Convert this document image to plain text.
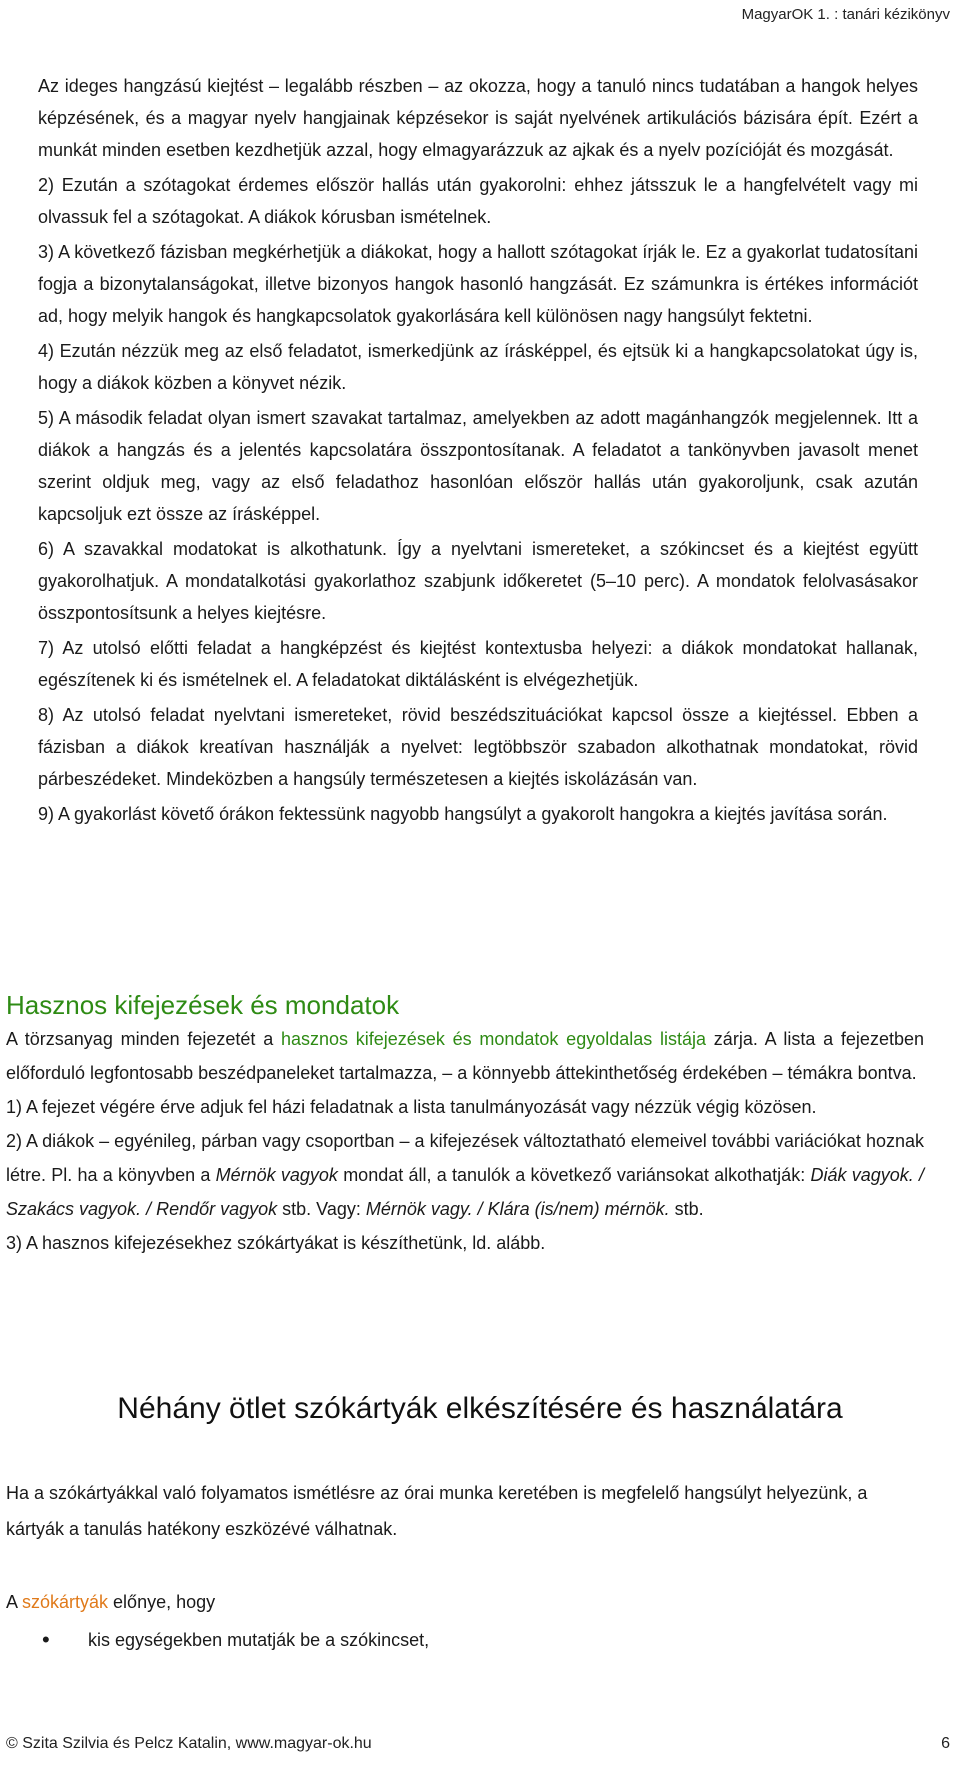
MagyarOK 1. : tanári kézikönyv

Az ideges hangzású kiejtést – legalább részben – az okozza, hogy a tanuló nincs tudatában a hangok helyes képzésének, és a magyar nyelv hangjainak képzésekor is saját nyelvének artikulációs bázisára épít. Ezért a munkát minden esetben kezdhetjük azzal, hogy elmagyarázzuk az ajkak és a nyelv pozícióját és mozgását.

2) Ezután a szótagokat érdemes először hallás után gyakorolni: ehhez játsszuk le a hangfelvételt vagy mi olvassuk fel a szótagokat. A diákok kórusban ismételnek.

3) A következő fázisban megkérhetjük a diákokat, hogy a hallott szótagokat írják le. Ez a gyakorlat tudatosítani fogja a bizonytalanságokat, illetve bizonyos hangok hasonló hangzását. Ez számunkra is értékes információt ad, hogy melyik hangok és hangkapcsolatok gyakorlására kell különösen nagy hangsúlyt fektetni.

4) Ezután nézzük meg az első feladatot, ismerkedjünk az írásképpel, és ejtsük ki a hangkapcsolatokat úgy is, hogy a diákok közben a könyvet nézik.

5) A második feladat olyan ismert szavakat tartalmaz, amelyekben az adott magánhangzók megjelennek. Itt a diákok a hangzás és a jelentés kapcsolatára összpontosítanak. A feladatot a tankönyvben javasolt menet szerint oldjuk meg, vagy az első feladathoz hasonlóan először hallás után gyakoroljunk, csak azután kapcsoljuk ezt össze az írásképpel.

6) A szavakkal modatokat is alkothatunk. Így a nyelvtani ismereteket, a szókincset és a kiejtést együtt gyakorolhatjuk. A mondatalkotási gyakorlathoz szabjunk időkeretet (5–10 perc). A mondatok felolvasásakor összpontosítsunk a helyes kiejtésre.

7) Az utolsó előtti feladat a hangképzést és kiejtést kontextusba helyezi: a diákok mondatokat hallanak, egészítenek ki és ismételnek el. A feladatokat diktálásként is elvégezhetjük.

8) Az utolsó feladat nyelvtani ismereteket, rövid beszédszituációkat kapcsol össze a kiejtéssel. Ebben a fázisban a diákok kreatívan használják a nyelvet: legtöbbször szabadon alkothatnak mondatokat, rövid párbeszédeket. Mindeközben a hangsúly természetesen a kiejtés iskolázásán van.

9) A gyakorlást követő órákon fektessünk nagyobb hangsúlyt a gyakorolt hangokra a kiejtés javítása során.

Hasznos kifejezések és mondatok

A törzsanyag minden fejezetét a hasznos kifejezések és mondatok egyoldalas listája zárja. A lista a fejezetben előforduló legfontosabb beszédpaneleket tartalmazza, – a könnyebb áttekinthetőség érdekében – témákra bontva.

1) A fejezet végére érve adjuk fel házi feladatnak a lista tanulmányozását vagy nézzük végig közösen.

2) A diákok – egyénileg, párban vagy csoportban – a kifejezések változtatható elemeivel további variációkat hoznak létre. Pl. ha a könyvben a Mérnök vagyok mondat áll, a tanulók a következő variánsokat alkothatják: Diák vagyok. / Szakács vagyok. / Rendőr vagyok stb. Vagy: Mérnök vagy. / Klára (is/nem) mérnök. stb.

3) A hasznos kifejezésekhez szókártyákat is készíthetünk, ld. alább.

Néhány ötlet szókártyák elkészítésére és használatára

Ha a szókártyákkal való folyamatos ismétlésre az órai munka keretében is megfelelő hangsúlyt helyezünk, a kártyák a tanulás hatékony eszközévé válhatnak.

A szókártyák előnye, hogy
•	kis egységekben mutatják be a szókincset,
© Szita Szilvia és Pelcz Katalin, www.magyar-ok.hu	6
